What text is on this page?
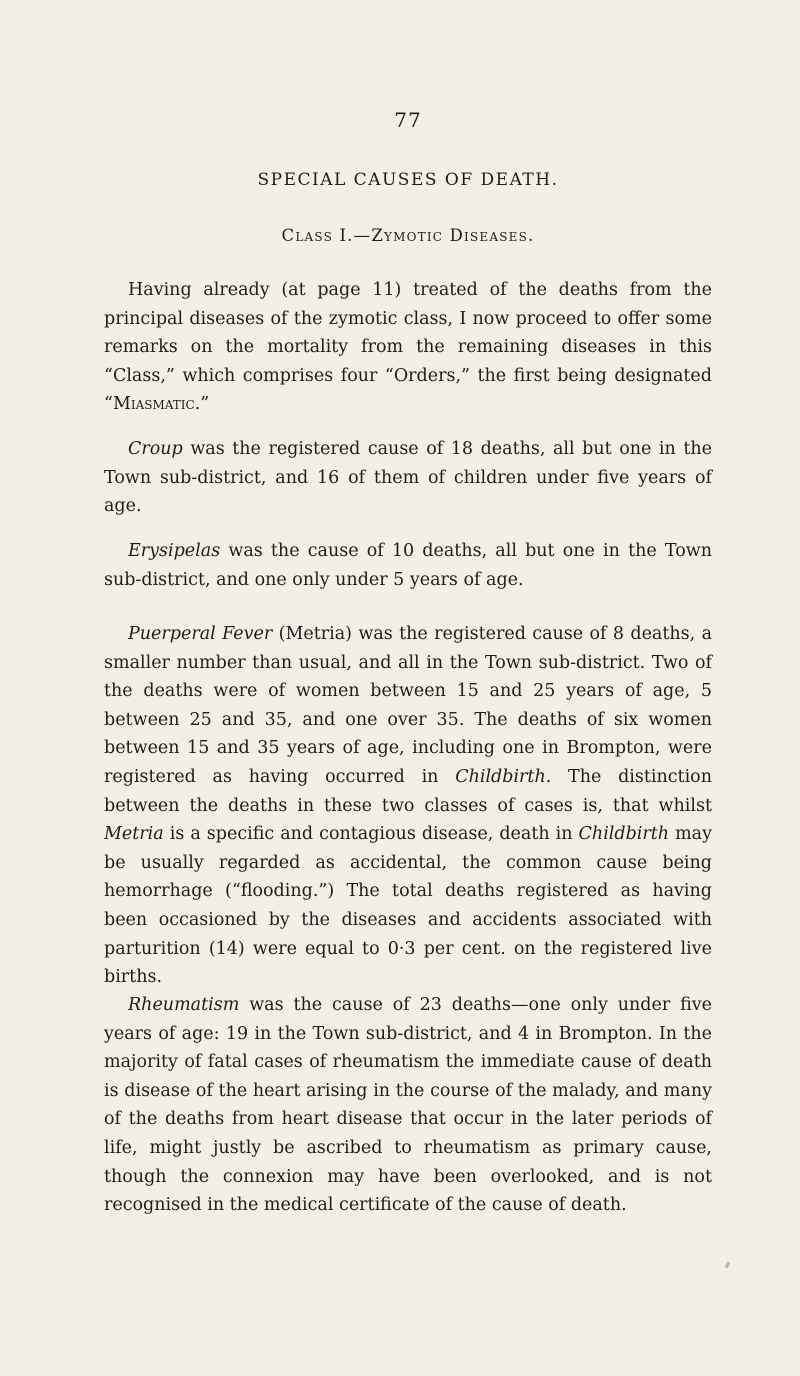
77
SPECIAL CAUSES OF DEATH.
Class I.—Zymotic Diseases.

Having already (at page 11) treated of the deaths from the principal diseases of the zymotic class, I now proceed to offer some remarks on the mortality from the remaining diseases in this “Class,” which comprises four “Orders,” the first being designated “Miasmatic.”

Croup was the registered cause of 18 deaths, all but one in the Town sub-district, and 16 of them of children under five years of age.

Erysipelas was the cause of 10 deaths, all but one in the Town sub-district, and one only under 5 years of age.

Puerperal Fever (Metria) was the registered cause of 8 deaths, a smaller number than usual, and all in the Town sub-district. Two of the deaths were of women between 15 and 25 years of age, 5 between 25 and 35, and one over 35. The deaths of six women between 15 and 35 years of age, including one in Brompton, were registered as having occurred in Childbirth. The distinction between the deaths in these two classes of cases is, that whilst Metria is a specific and contagious disease, death in Childbirth may be usually regarded as accidental, the common cause being hemorrhage (“flooding.”) The total deaths registered as having been occasioned by the diseases and accidents associated with parturition (14) were equal to 0·3 per cent. on the registered live births.

Rheumatism was the cause of 23 deaths—one only under five years of age: 19 in the Town sub-district, and 4 in Brompton. In the majority of fatal cases of rheumatism the immediate cause of death is disease of the heart arising in the course of the malady, and many of the deaths from heart disease that occur in the later periods of life, might justly be ascribed to rheumatism as primary cause, though the connexion may have been overlooked, and is not recognised in the medical certificate of the cause of death.
